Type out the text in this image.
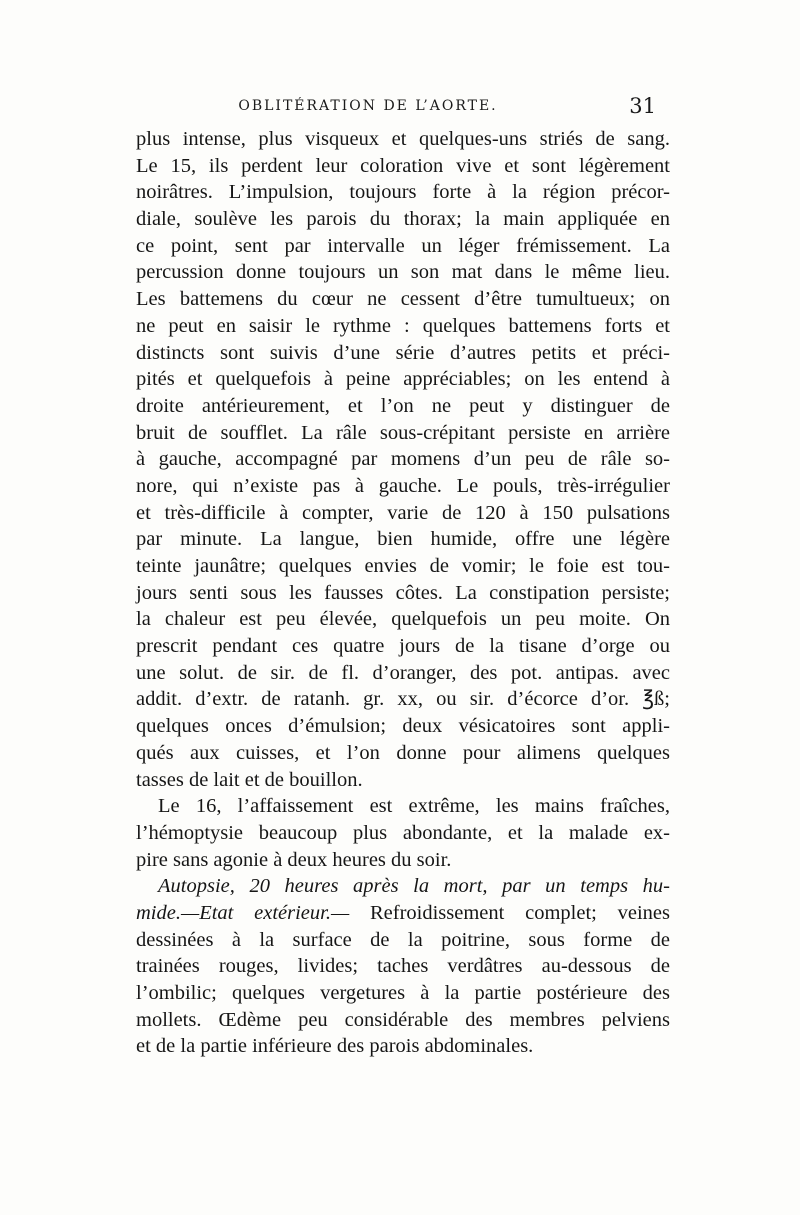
OBLITÉRATION DE L’AORTE.	31
plus intense, plus visqueux et quelques-uns striés de sang.
Le 15, ils perdent leur coloration vive et sont légèrement
noirâtres. L’impulsion, toujours forte à la région précor-
diale, soulève les parois du thorax; la main appliquée en
ce point, sent par intervalle un léger frémissement. La
percussion donne toujours un son mat dans le même lieu.
Les battemens du cœur ne cessent d’être tumultueux; on
ne peut en saisir le rythme : quelques battemens forts et
distincts sont suivis d’une série d’autres petits et préci-
pités et quelquefois à peine appréciables; on les entend à
droite antérieurement, et l’on ne peut y distinguer de
bruit de soufflet. La râle sous-crépitant persiste en arrière
à gauche, accompagné par momens d’un peu de râle so-
nore, qui n’existe pas à gauche. Le pouls, très-irrégulier
et très-difficile à compter, varie de 120 à 150 pulsations
par minute. La langue, bien humide, offre une légère
teinte jaunâtre; quelques envies de vomir; le foie est tou-
jours senti sous les fausses côtes. La constipation persiste;
la chaleur est peu élevée, quelquefois un peu moite. On
prescrit pendant ces quatre jours de la tisane d’orge ou
une solut. de sir. de fl. d’oranger, des pot. antipas. avec
addit. d’extr. de ratanh. gr. xx, ou sir. d’écorce d’or. ℥ß;
quelques onces d’émulsion; deux vésicatoires sont appli-
qués aux cuisses, et l’on donne pour alimens quelques
tasses de lait et de bouillon.
Le 16, l’affaissement est extrême, les mains fraîches,
l’hémoptysie beaucoup plus abondante, et la malade ex-
pire sans agonie à deux heures du soir.
Autopsie, 20 heures après la mort, par un temps hu-
mide.—Etat extérieur.— Refroidissement complet; veines
dessinées à la surface de la poitrine, sous forme de
trainées rouges, livides; taches verdâtres au-dessous de
l’ombilic; quelques vergetures à la partie postérieure des
mollets. Œdème peu considérable des membres pelviens
et de la partie inférieure des parois abdominales.
